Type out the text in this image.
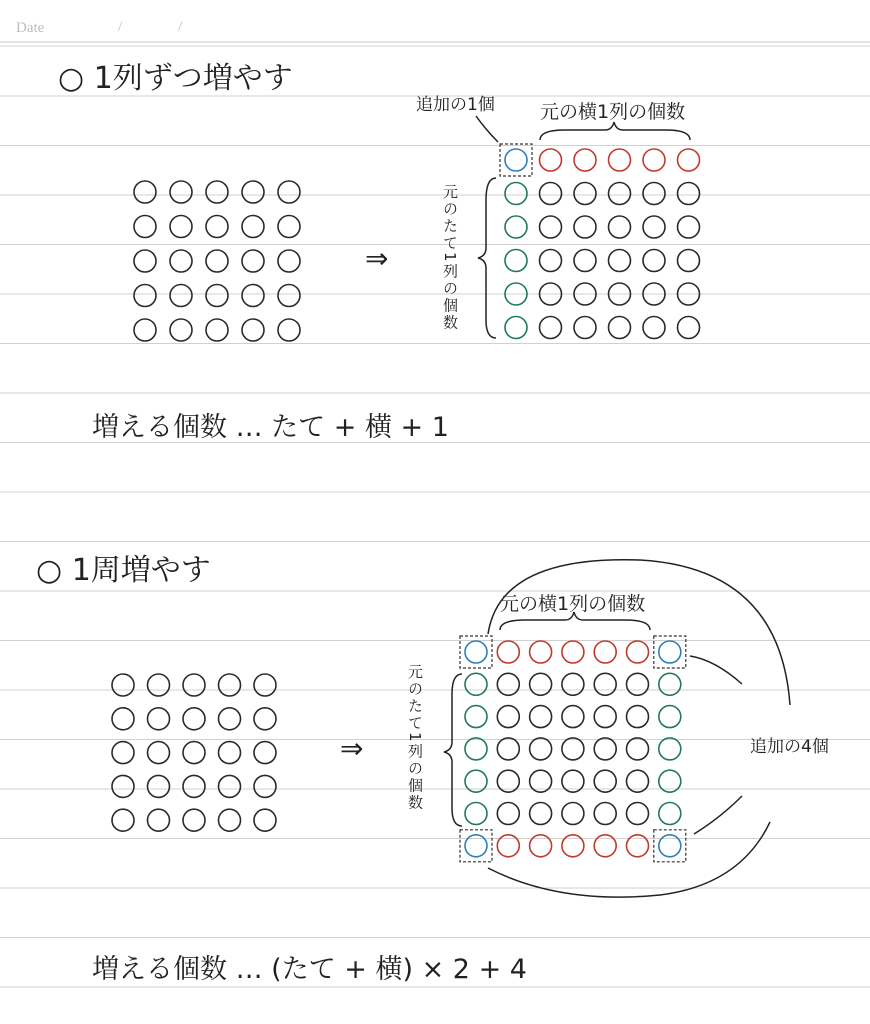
Date	/	/
○ 1列ずつ増やす
⇒
追加の1個 元の横1列の個数
元のたて1列の個数
増える個数 … たて + 横 + 1
○ 1周増やす
⇒
元の横1列の個数
元のたて1列の個数	追加の4個
増える個数 … (たて + 横) × 2 + 4
